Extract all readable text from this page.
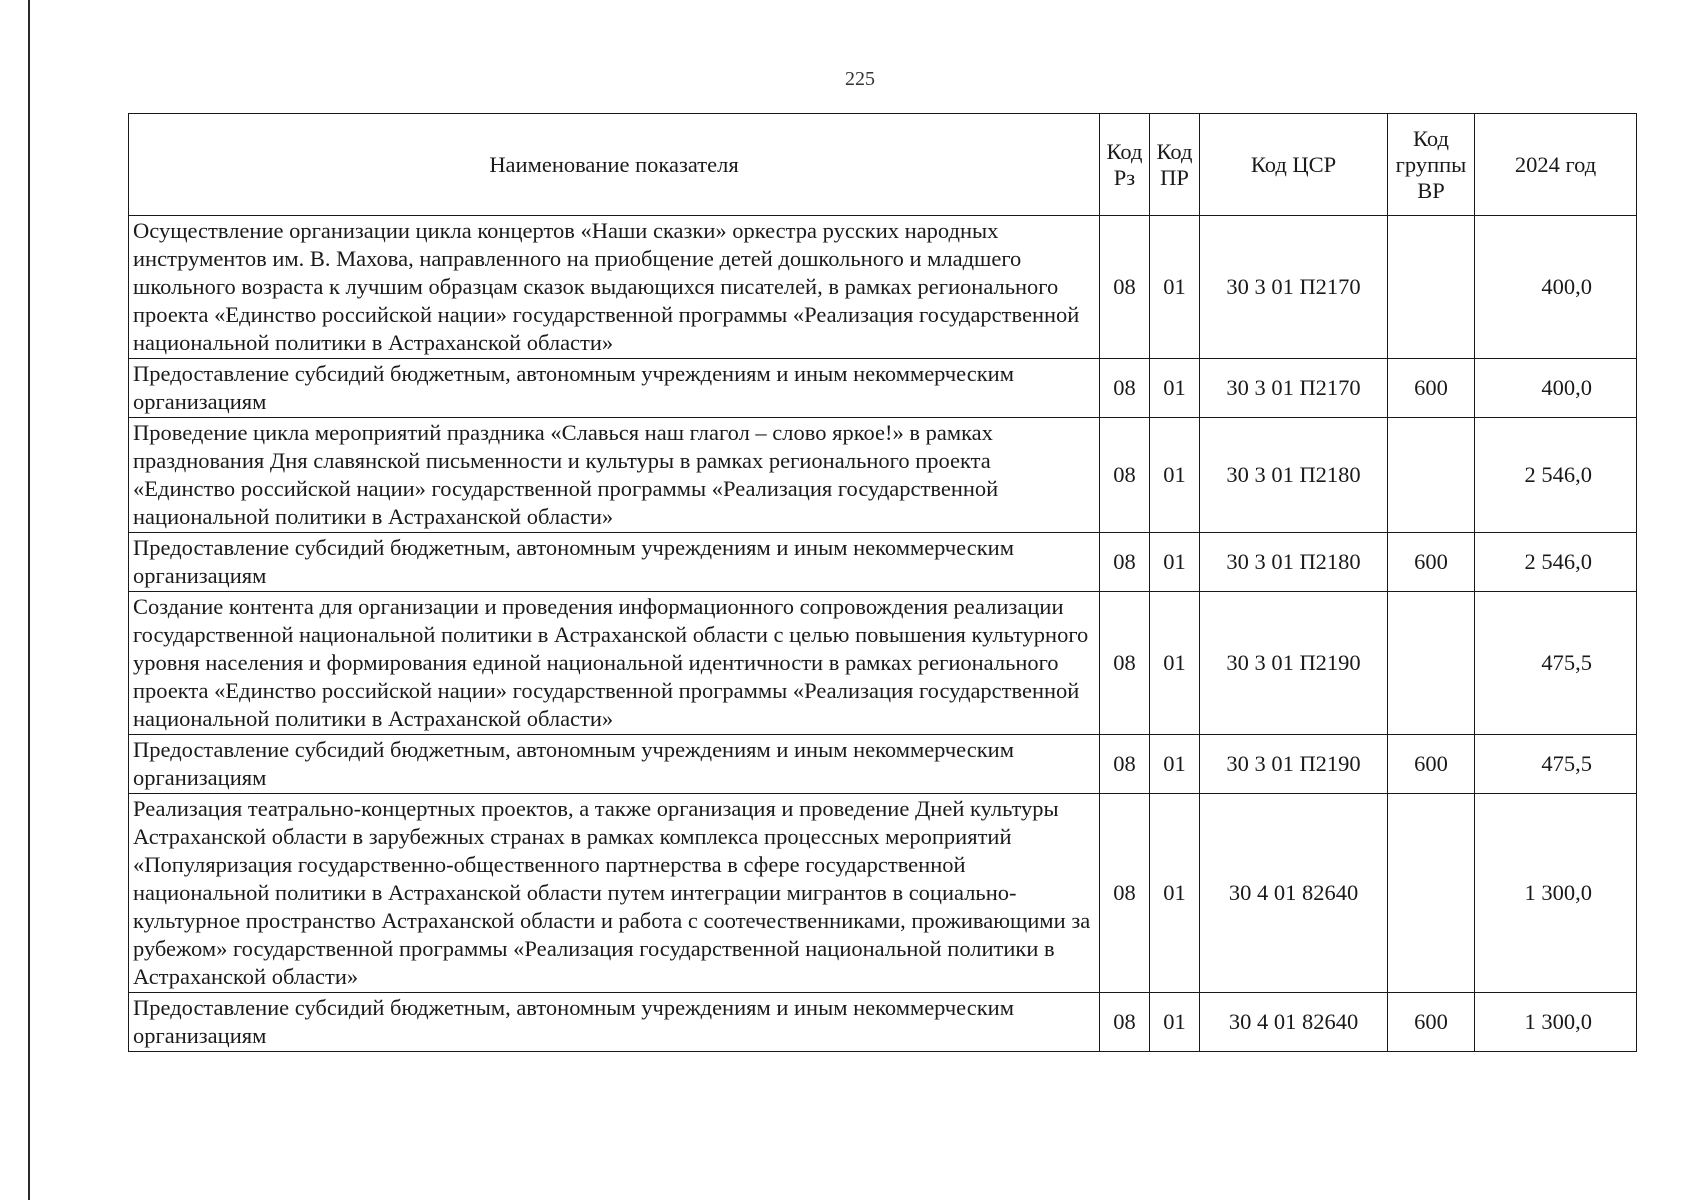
225
Наименование показателя	Код Рз	Код ПР	Код ЦСР	Код группы ВР	2024 год
Осуществление организации цикла концертов «Наши сказки» оркестра русских народных инструментов им. В. Махова, направленного на приобщение детей дошкольного и младшего школьного возраста к лучшим образцам сказок выдающихся писателей, в рамках регионального проекта «Единство российской нации» государственной программы «Реализация государственной национальной политики в Астраханской области»	08	01	30 3 01 П2170		400,0
Предоставление субсидий бюджетным, автономным учреждениям и иным некоммерческим организациям	08	01	30 3 01 П2170	600	400,0
Проведение цикла мероприятий праздника «Славься наш глагол – слово яркое!» в рамках празднования Дня славянской письменности и культуры в рамках регионального проекта «Единство российской нации» государственной программы «Реализация государственной национальной политики в Астраханской области»	08	01	30 3 01 П2180		2 546,0
Предоставление субсидий бюджетным, автономным учреждениям и иным некоммерческим организациям	08	01	30 3 01 П2180	600	2 546,0
Создание контента для организации и проведения информационного сопровождения реализации государственной национальной политики в Астраханской области с целью повышения культурного уровня населения и формирования единой национальной идентичности в рамках регионального проекта «Единство российской нации» государственной программы «Реализация государственной национальной политики в Астраханской области»	08	01	30 3 01 П2190		475,5
Предоставление субсидий бюджетным, автономным учреждениям и иным некоммерческим организациям	08	01	30 3 01 П2190	600	475,5
Реализация театрально-концертных проектов, а также организация и проведение Дней культуры Астраханской области в зарубежных странах в рамках комплекса процессных мероприятий «Популяризация государственно-общественного партнерства в сфере государственной национальной политики в Астраханской области путем интеграции мигрантов в социально-культурное пространство Астраханской области и работа с соотечественниками, проживающими за рубежом» государственной программы «Реализация государственной национальной политики в Астраханской области»	08	01	30 4 01 82640		1 300,0
Предоставление субсидий бюджетным, автономным учреждениям и иным некоммерческим организациям	08	01	30 4 01 82640	600	1 300,0
